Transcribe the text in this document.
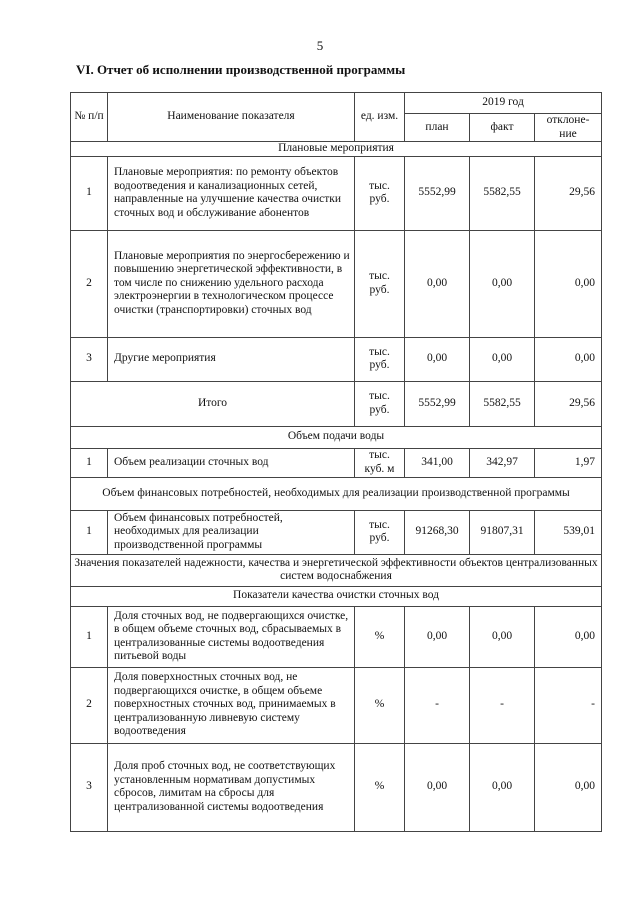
5
VI. Отчет об исполнении производственной программы
№ п/п	Наименование показателя	ед. изм.	2019 год		
			план	факт	отклоне-ние
Плановые мероприятия					
1	Плановые мероприятия: по ремонту объектов водоотведения и канализационных сетей, направленные на улучшение качества очистки сточных вод и обслуживание абонентов	тыс. руб.	5552,99	5582,55	29,56
2	Плановые мероприятия по энергосбережению и повышению энергетической эффективности, в том числе по снижению удельного расхода электроэнергии в технологическом процессе очистки (транспортировки) сточных вод	тыс. руб.	0,00	0,00	0,00
3	Другие мероприятия	тыс. руб.	0,00	0,00	0,00
Итого		тыс. руб.	5552,99	5582,55	29,56
Объем подачи воды					
1	Объем реализации сточных вод	тыс. куб. м	341,00	342,97	1,97
Объем финансовых потребностей, необходимых для реализации производственной программы					
1	Объем финансовых потребностей, необходимых для реализации производственной программы	тыс. руб.	91268,30	91807,31	539,01
Значения показателей надежности, качества и энергетической эффективности объектов централизованных систем водоснабжения					
Показатели качества очистки сточных вод					
1	Доля сточных вод, не подвергающихся очистке, в общем объеме сточных вод, сбрасываемых в централизованные системы водоотведения питьевой воды	%	0,00	0,00	0,00
2	Доля поверхностных сточных вод, не подвергающихся очистке, в общем объеме поверхностных сточных вод, принимаемых в централизованную ливневую систему водоотведения	%	-	-	-
3	Доля проб сточных вод, не соответствующих установленным нормативам допустимых сбросов, лимитам на сбросы для централизованной системы водоотведения	%	0,00	0,00	0,00
